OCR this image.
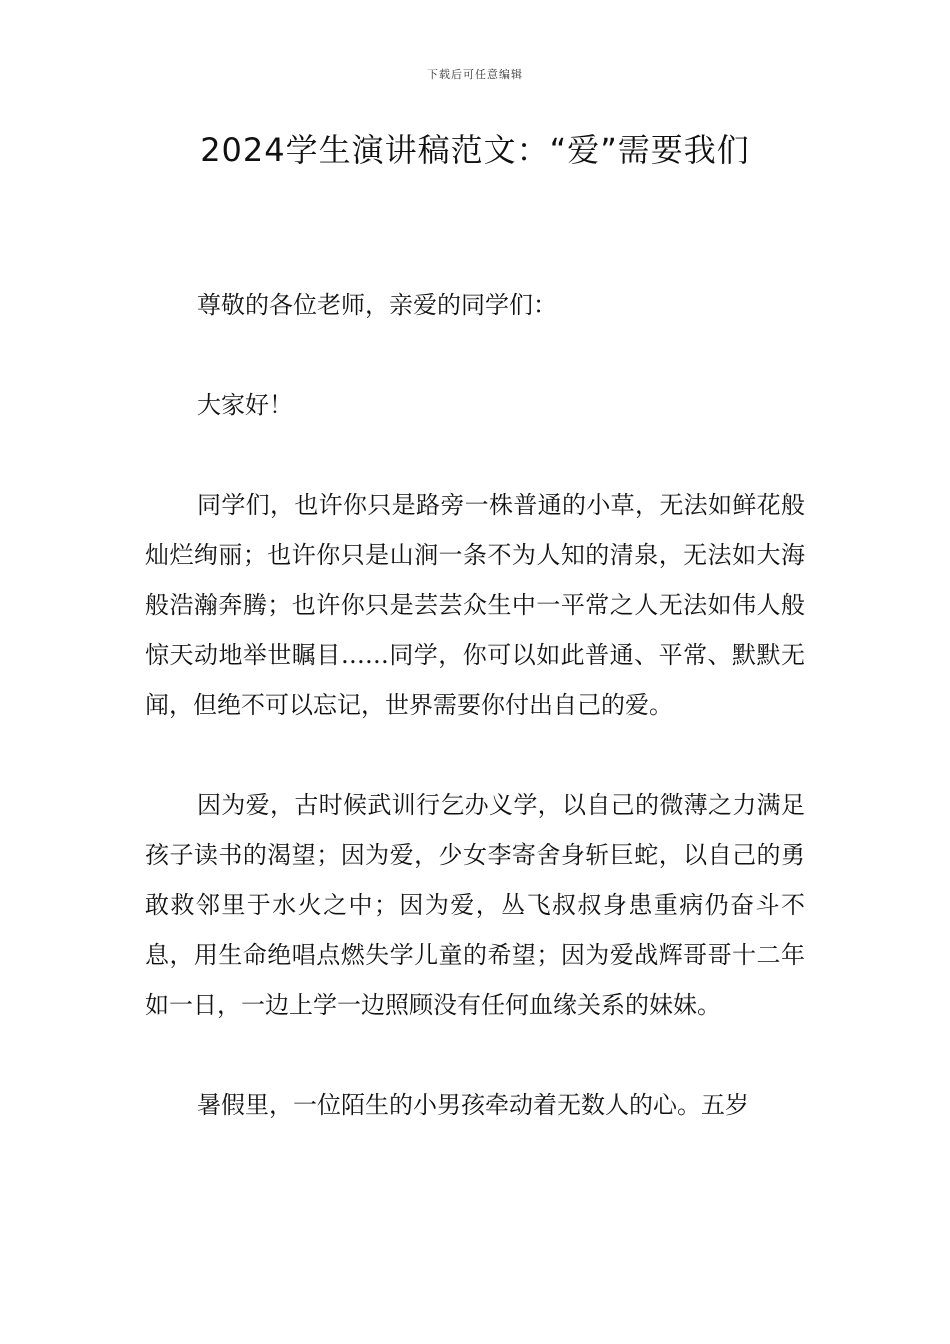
下载后可任意编辑
2024学生演讲稿范文：“爱”需要我们

尊敬的各位老师，亲爱的同学们：

大家好！

同学们，也许你只是路旁一株普通的小草，无法如鲜花般灿烂绚丽；也许你只是山涧一条不为人知的清泉，无法如大海般浩瀚奔腾；也许你只是芸芸众生中一平常之人无法如伟人般惊天动地举世瞩目……同学，你可以如此普通、平常、默默无闻，但绝不可以忘记，世界需要你付出自己的爱。

因为爱，古时候武训行乞办义学，以自己的微薄之力满足孩子读书的渴望；因为爱，少女李寄舍身斩巨蛇，以自己的勇敢救邻里于水火之中；因为爱，丛飞叔叔身患重病仍奋斗不息，用生命绝唱点燃失学儿童的希望；因为爱战辉哥哥十二年如一日，一边上学一边照顾没有任何血缘关系的妹妹。

暑假里，一位陌生的小男孩牵动着无数人的心。五岁
